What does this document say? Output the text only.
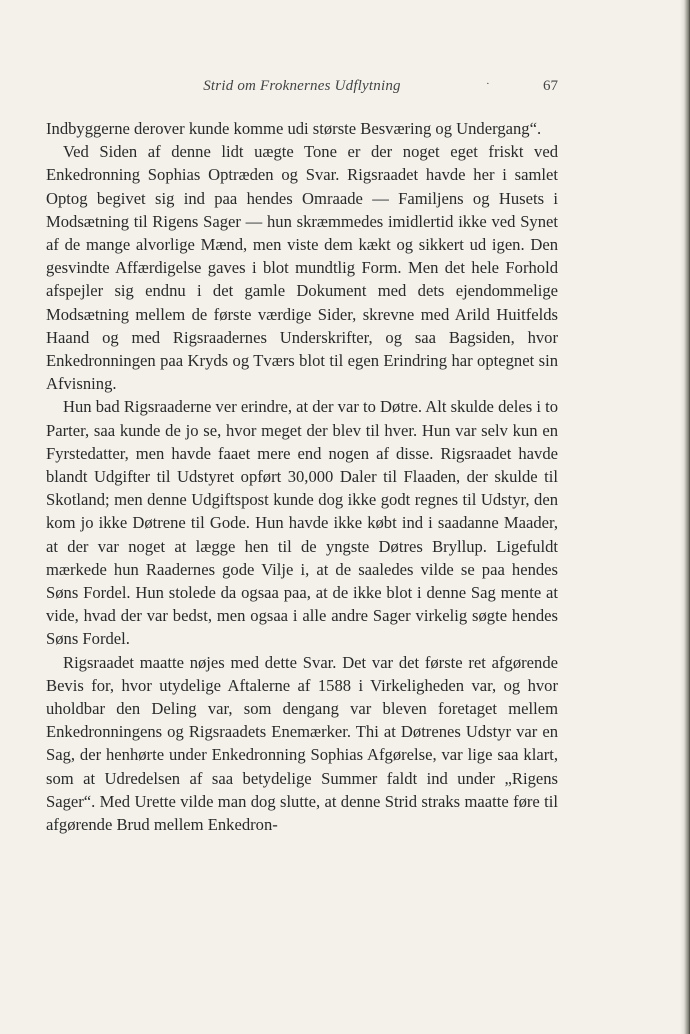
Strid om Froknernes Udflytning	·	67

Indbyggerne derover kunde komme udi største Besværing og Undergang“.

Ved Siden af denne lidt uægte Tone er der noget eget friskt ved Enkedronning Sophias Optræden og Svar. Rigsraadet havde her i samlet Optog begivet sig ind paa hendes Omraade — Familjens og Husets i Modsætning til Rigens Sager — hun skræmmedes imidlertid ikke ved Synet af de mange alvorlige Mænd, men viste dem kækt og sikkert ud igen. Den gesvindte Affærdigelse gaves i blot mundtlig Form. Men det hele Forhold afspejler sig endnu i det gamle Dokument med dets ejendommelige Modsætning mellem de første værdige Sider, skrevne med Arild Huitfelds Haand og med Rigsraadernes Underskrifter, og saa Bagsiden, hvor Enkedronningen paa Kryds og Tværs blot til egen Erindring har optegnet sin Afvisning.

Hun bad Rigsraaderne ver erindre, at der var to Døtre. Alt skulde deles i to Parter, saa kunde de jo se, hvor meget der blev til hver. Hun var selv kun en Fyrstedatter, men havde faaet mere end nogen af disse. Rigsraadet havde blandt Udgifter til Udstyret opført 30,000 Daler til Flaaden, der skulde til Skotland; men denne Udgiftspost kunde dog ikke godt regnes til Udstyr, den kom jo ikke Døtrene til Gode. Hun havde ikke købt ind i saadanne Maader, at der var noget at lægge hen til de yngste Døtres Bryllup. Ligefuldt mærkede hun Raadernes gode Vilje i, at de saaledes vilde se paa hendes Søns Fordel. Hun stolede da ogsaa paa, at de ikke blot i denne Sag mente at vide, hvad der var bedst, men ogsaa i alle andre Sager virkelig søgte hendes Søns Fordel.

Rigsraadet maatte nøjes med dette Svar. Det var det første ret afgørende Bevis for, hvor utydelige Aftalerne af 1588 i Virkeligheden var, og hvor uholdbar den Deling var, som dengang var bleven foretaget mellem Enkedronningens og Rigsraadets Enemærker. Thi at Døtrenes Udstyr var en Sag, der henhørte under Enkedronning Sophias Afgørelse, var lige saa klart, som at Udredelsen af saa betydelige Summer faldt ind under „Rigens Sager“. Med Urette vilde man dog slutte, at denne Strid straks maatte føre til afgørende Brud mellem Enkedron-
